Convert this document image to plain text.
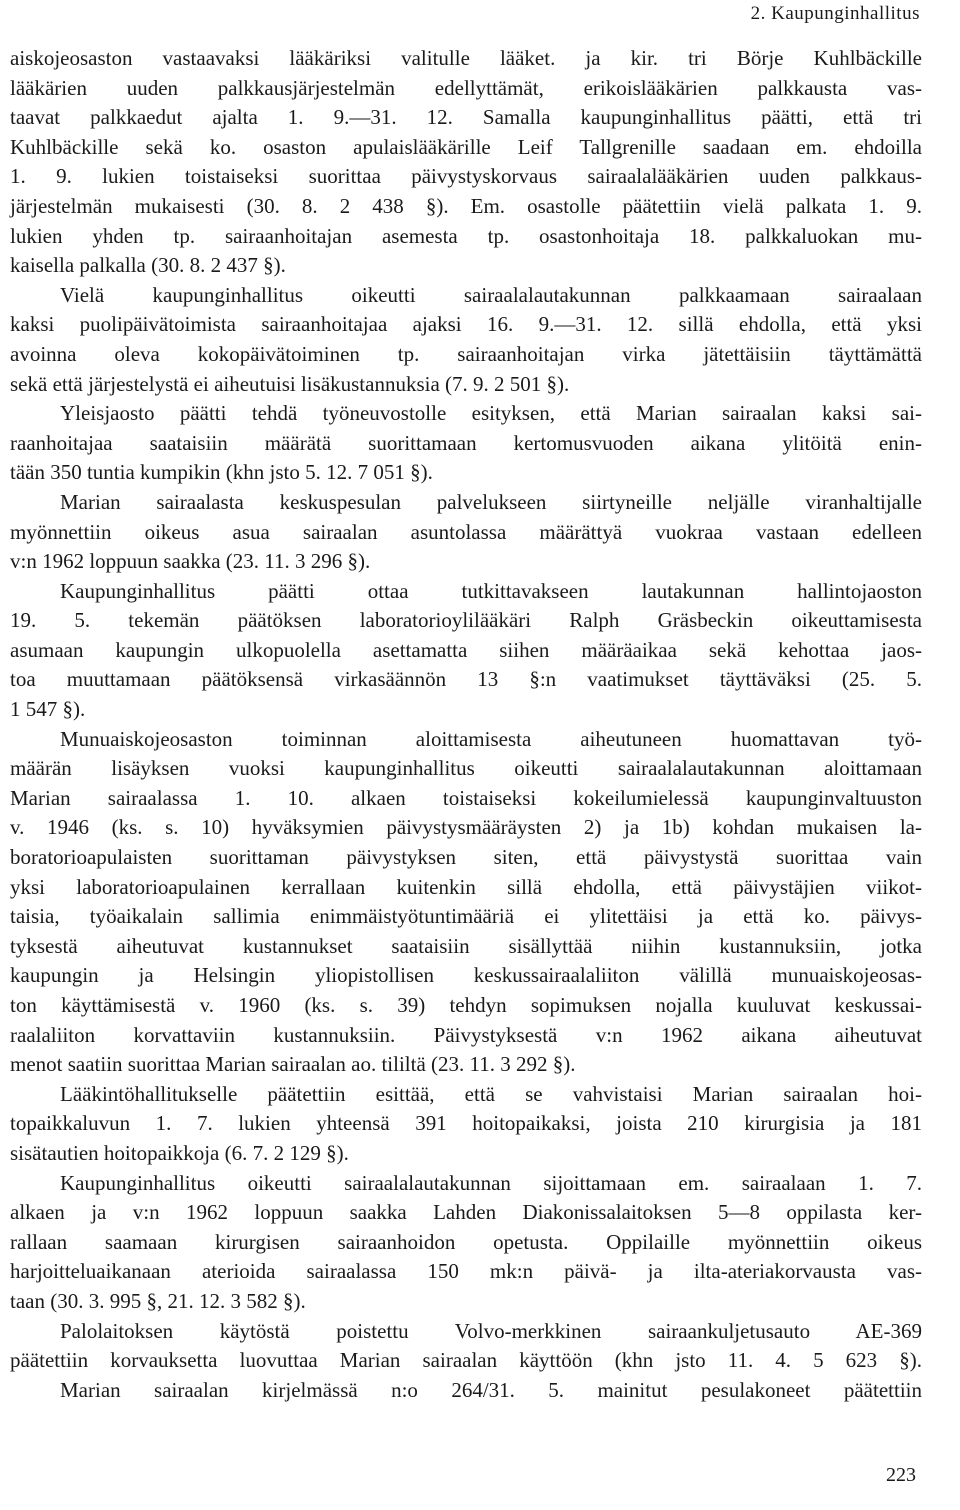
2. Kaupunginhallitus
aiskojeosaston vastaavaksi lääkäriksi valitulle lääket. ja kir. tri Börje Kuhlbäckille
lääkärien uuden palkkausjärjestelmän edellyttämät, erikoislääkärien palkkausta vas-
taavat palkkaedut ajalta 1. 9.—31. 12. Samalla kaupunginhallitus päätti, että tri
Kuhlbäckille sekä ko. osaston apulaislääkärille Leif Tallgrenille saadaan em. ehdoilla
1. 9. lukien toistaiseksi suorittaa päivystyskorvaus sairaalalääkärien uuden palkkaus-
järjestelmän mukaisesti (30. 8. 2 438 §). Em. osastolle päätettiin vielä palkata 1. 9.
lukien yhden tp. sairaanhoitajan asemesta tp. osastonhoitaja 18. palkkaluokan mu-
kaisella palkalla (30. 8. 2 437 §).
Vielä kaupunginhallitus oikeutti sairaalalautakunnan palkkaamaan sairaalaan
kaksi puolipäivätoimista sairaanhoitajaa ajaksi 16. 9.—31. 12. sillä ehdolla, että yksi
avoinna oleva kokopäivätoiminen tp. sairaanhoitajan virka jätettäisiin täyttämättä
sekä että järjestelystä ei aiheutuisi lisäkustannuksia (7. 9. 2 501 §).
Yleisjaosto päätti tehdä työneuvostolle esityksen, että Marian sairaalan kaksi sai-
raanhoitajaa saataisiin määrätä suorittamaan kertomusvuoden aikana ylitöitä enin-
tään 350 tuntia kumpikin (khn jsto 5. 12. 7 051 §).
Marian sairaalasta keskuspesulan palvelukseen siirtyneille neljälle viranhaltijalle
myönnettiin oikeus asua sairaalan asuntolassa määrättyä vuokraa vastaan edelleen
v:n 1962 loppuun saakka (23. 11. 3 296 §).
Kaupunginhallitus päätti ottaa tutkittavakseen lautakunnan hallintojaoston
19. 5. tekemän päätöksen laboratorioylilääkäri Ralph Gräsbeckin oikeuttamisesta
asumaan kaupungin ulkopuolella asettamatta siihen määräaikaa sekä kehottaa jaos-
toa muuttamaan päätöksensä virkasäännön 13 §:n vaatimukset täyttäväksi (25. 5.
1 547 §).
Munuaiskojeosaston toiminnan aloittamisesta aiheutuneen huomattavan työ-
määrän lisäyksen vuoksi kaupunginhallitus oikeutti sairaalalautakunnan aloittamaan
Marian sairaalassa 1. 10. alkaen toistaiseksi kokeilumielessä kaupunginvaltuuston
v. 1946 (ks. s. 10) hyväksymien päivystysmääräysten 2) ja 1b) kohdan mukaisen la-
boratorioapulaisten suorittaman päivystyksen siten, että päivystystä suorittaa vain
yksi laboratorioapulainen kerrallaan kuitenkin sillä ehdolla, että päivystäjien viikot-
taisia, työaikalain sallimia enimmäistyötuntimääriä ei ylitettäisi ja että ko. päivys-
tyksestä aiheutuvat kustannukset saataisiin sisällyttää niihin kustannuksiin, jotka
kaupungin ja Helsingin yliopistollisen keskussairaalaliiton välillä munuaiskojeosas-
ton käyttämisestä v. 1960 (ks. s. 39) tehdyn sopimuksen nojalla kuuluvat keskussai-
raalaliiton korvattaviin kustannuksiin. Päivystyksestä v:n 1962 aikana aiheutuvat
menot saatiin suorittaa Marian sairaalan ao. tililtä (23. 11. 3 292 §).
Lääkintöhallitukselle päätettiin esittää, että se vahvistaisi Marian sairaalan hoi-
topaikkaluvun 1. 7. lukien yhteensä 391 hoitopaikaksi, joista 210 kirurgisia ja 181
sisätautien hoitopaikkoja (6. 7. 2 129 §).
Kaupunginhallitus oikeutti sairaalalautakunnan sijoittamaan em. sairaalaan 1. 7.
alkaen ja v:n 1962 loppuun saakka Lahden Diakonissalaitoksen 5—8 oppilasta ker-
rallaan saamaan kirurgisen sairaanhoidon opetusta. Oppilaille myönnettiin oikeus
harjoitteluaikanaan aterioida sairaalassa 150 mk:n päivä- ja ilta-ateriakorvausta vas-
taan (30. 3. 995 §, 21. 12. 3 582 §).
Palolaitoksen käytöstä poistettu Volvo-merkkinen sairaankuljetusauto AE-369
päätettiin korvauksetta luovuttaa Marian sairaalan käyttöön (khn jsto 11. 4. 5 623 §).
Marian sairaalan kirjelmässä n:o 264/31. 5. mainitut pesulakoneet päätettiin
223
